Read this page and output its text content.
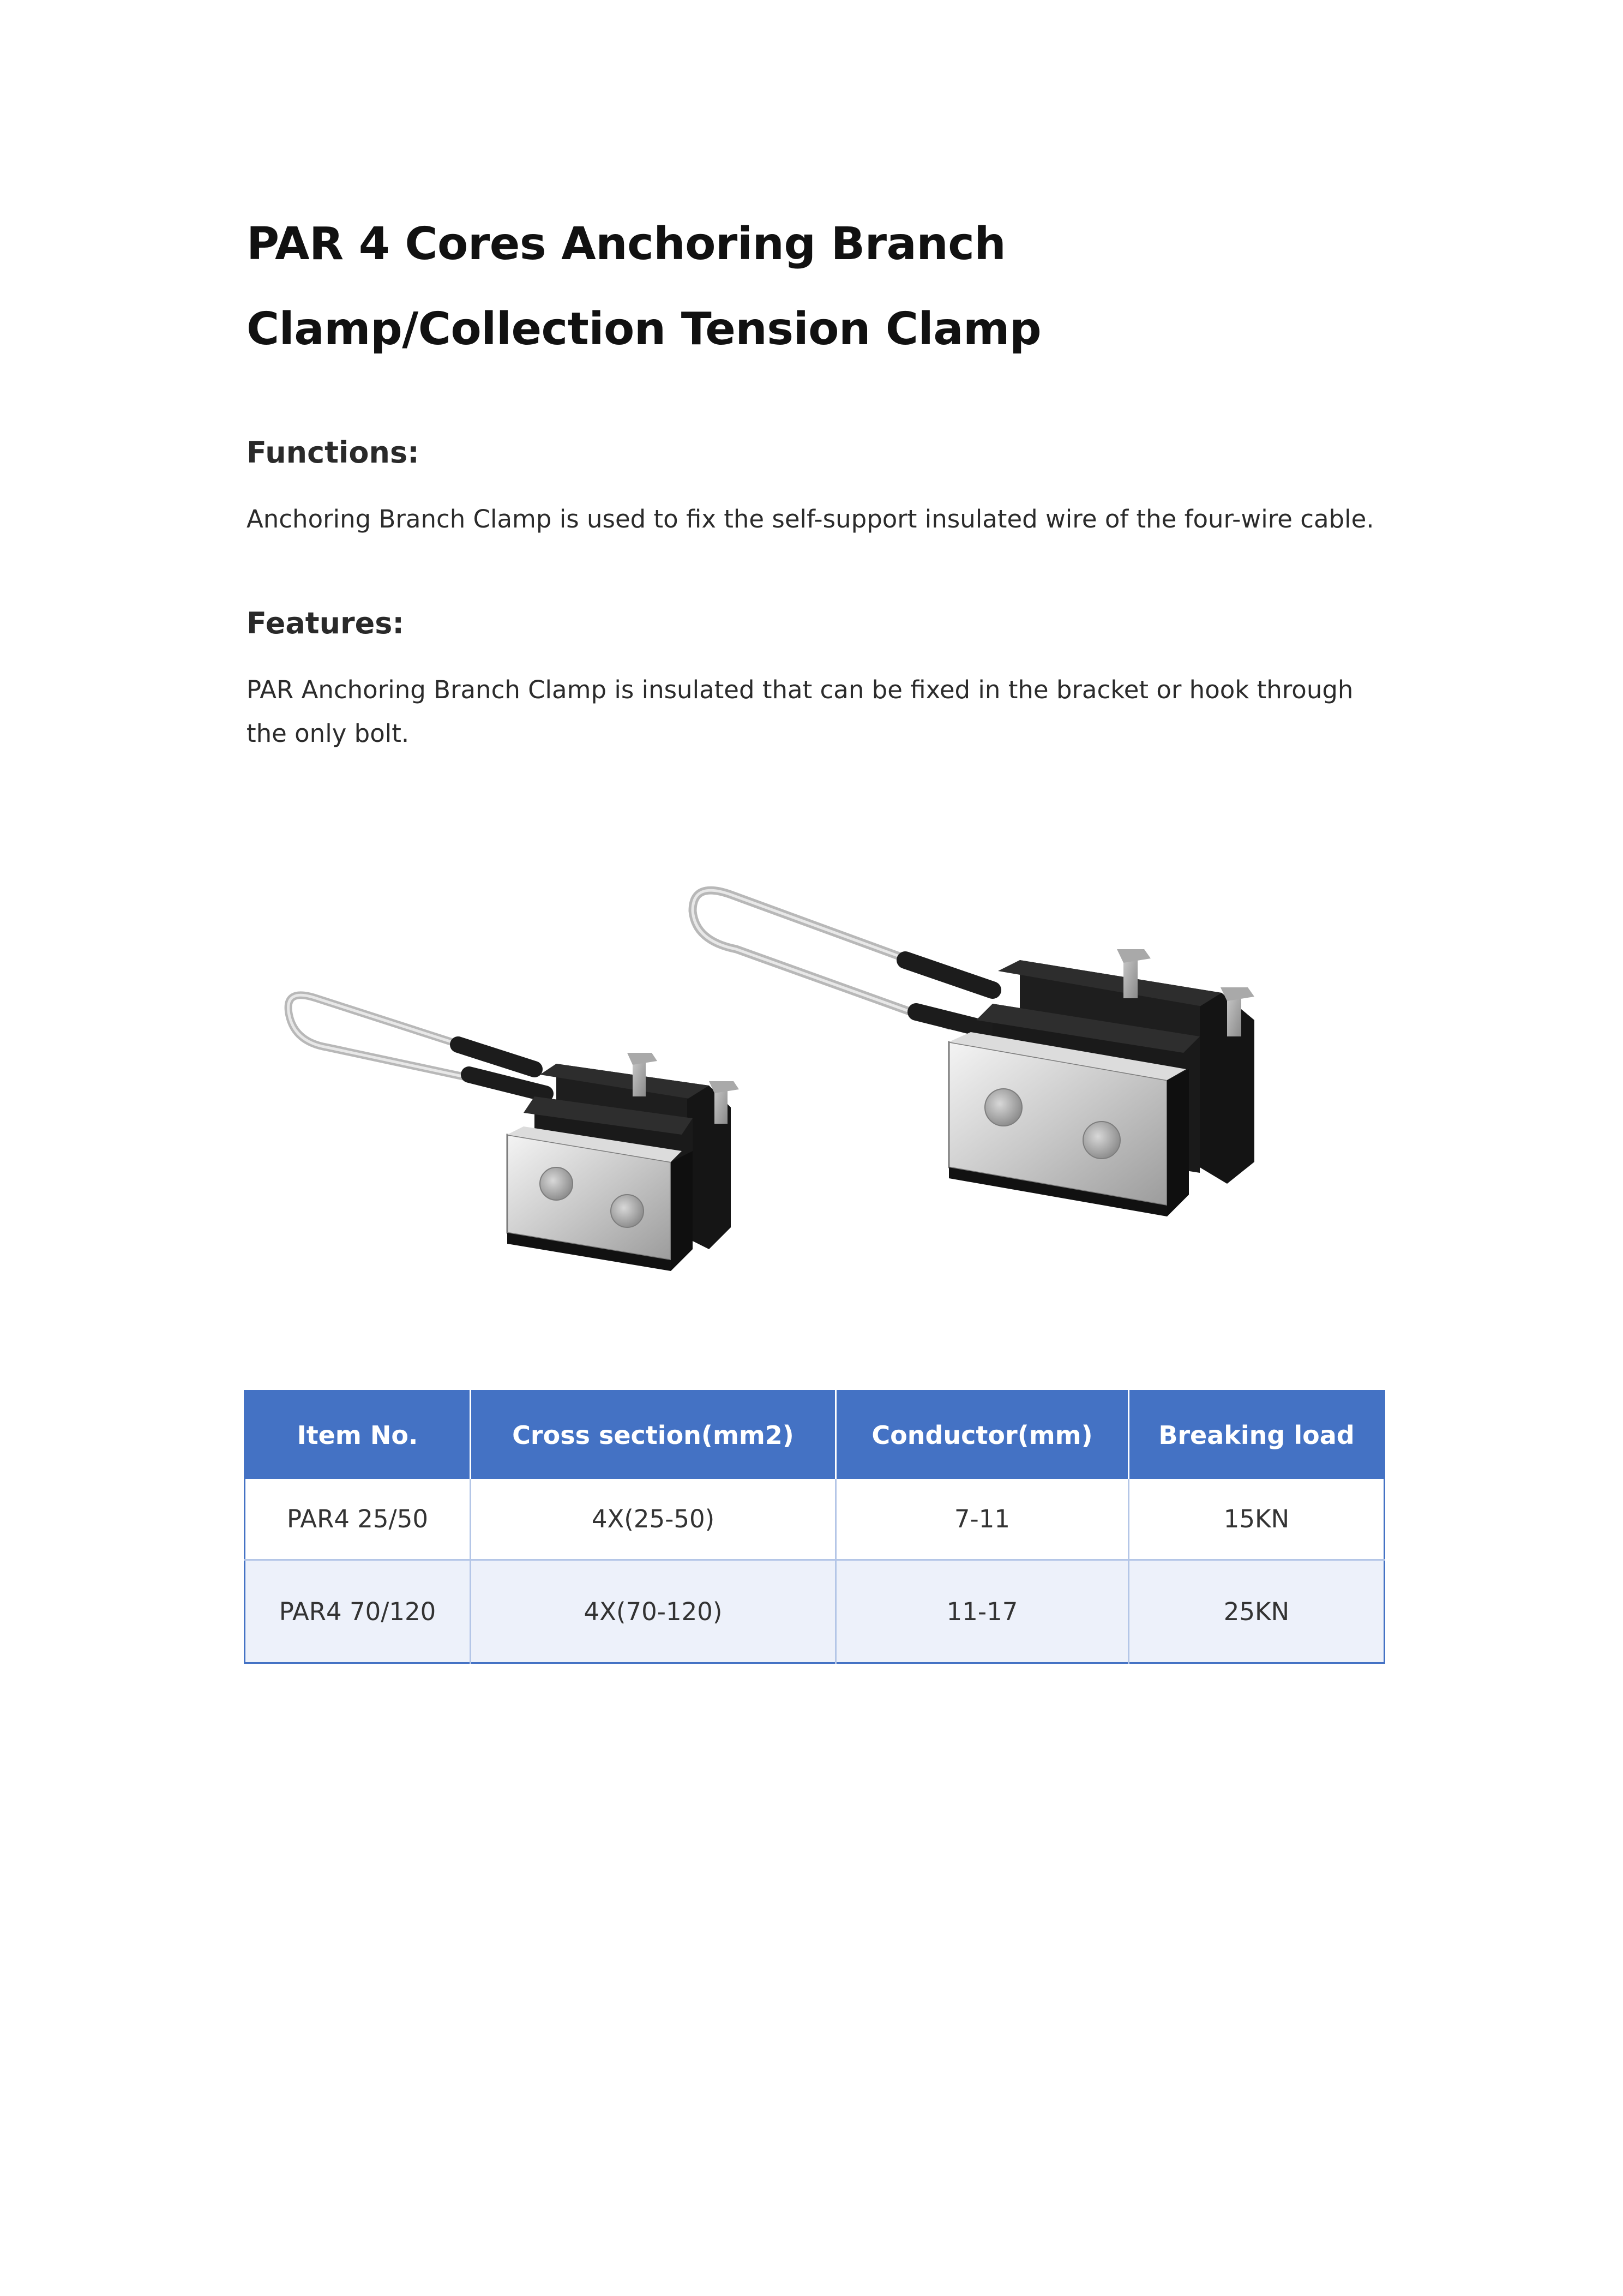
PAR 4 Cores Anchoring Branch Clamp/Collection Tension Clamp
Functions:

Anchoring Branch Clamp is used to fix the self-support insulated wire of the four-wire cable.

Features:

PAR Anchoring Branch Clamp is insulated that can be fixed in the bracket or hook through the only bolt.

Item No.	Cross section(mm2)	Conductor(mm)	Breaking load
PAR4 25/50	4X(25-50)	7-11	15KN
PAR4 70/120	4X(70-120)	11-17	25KN
